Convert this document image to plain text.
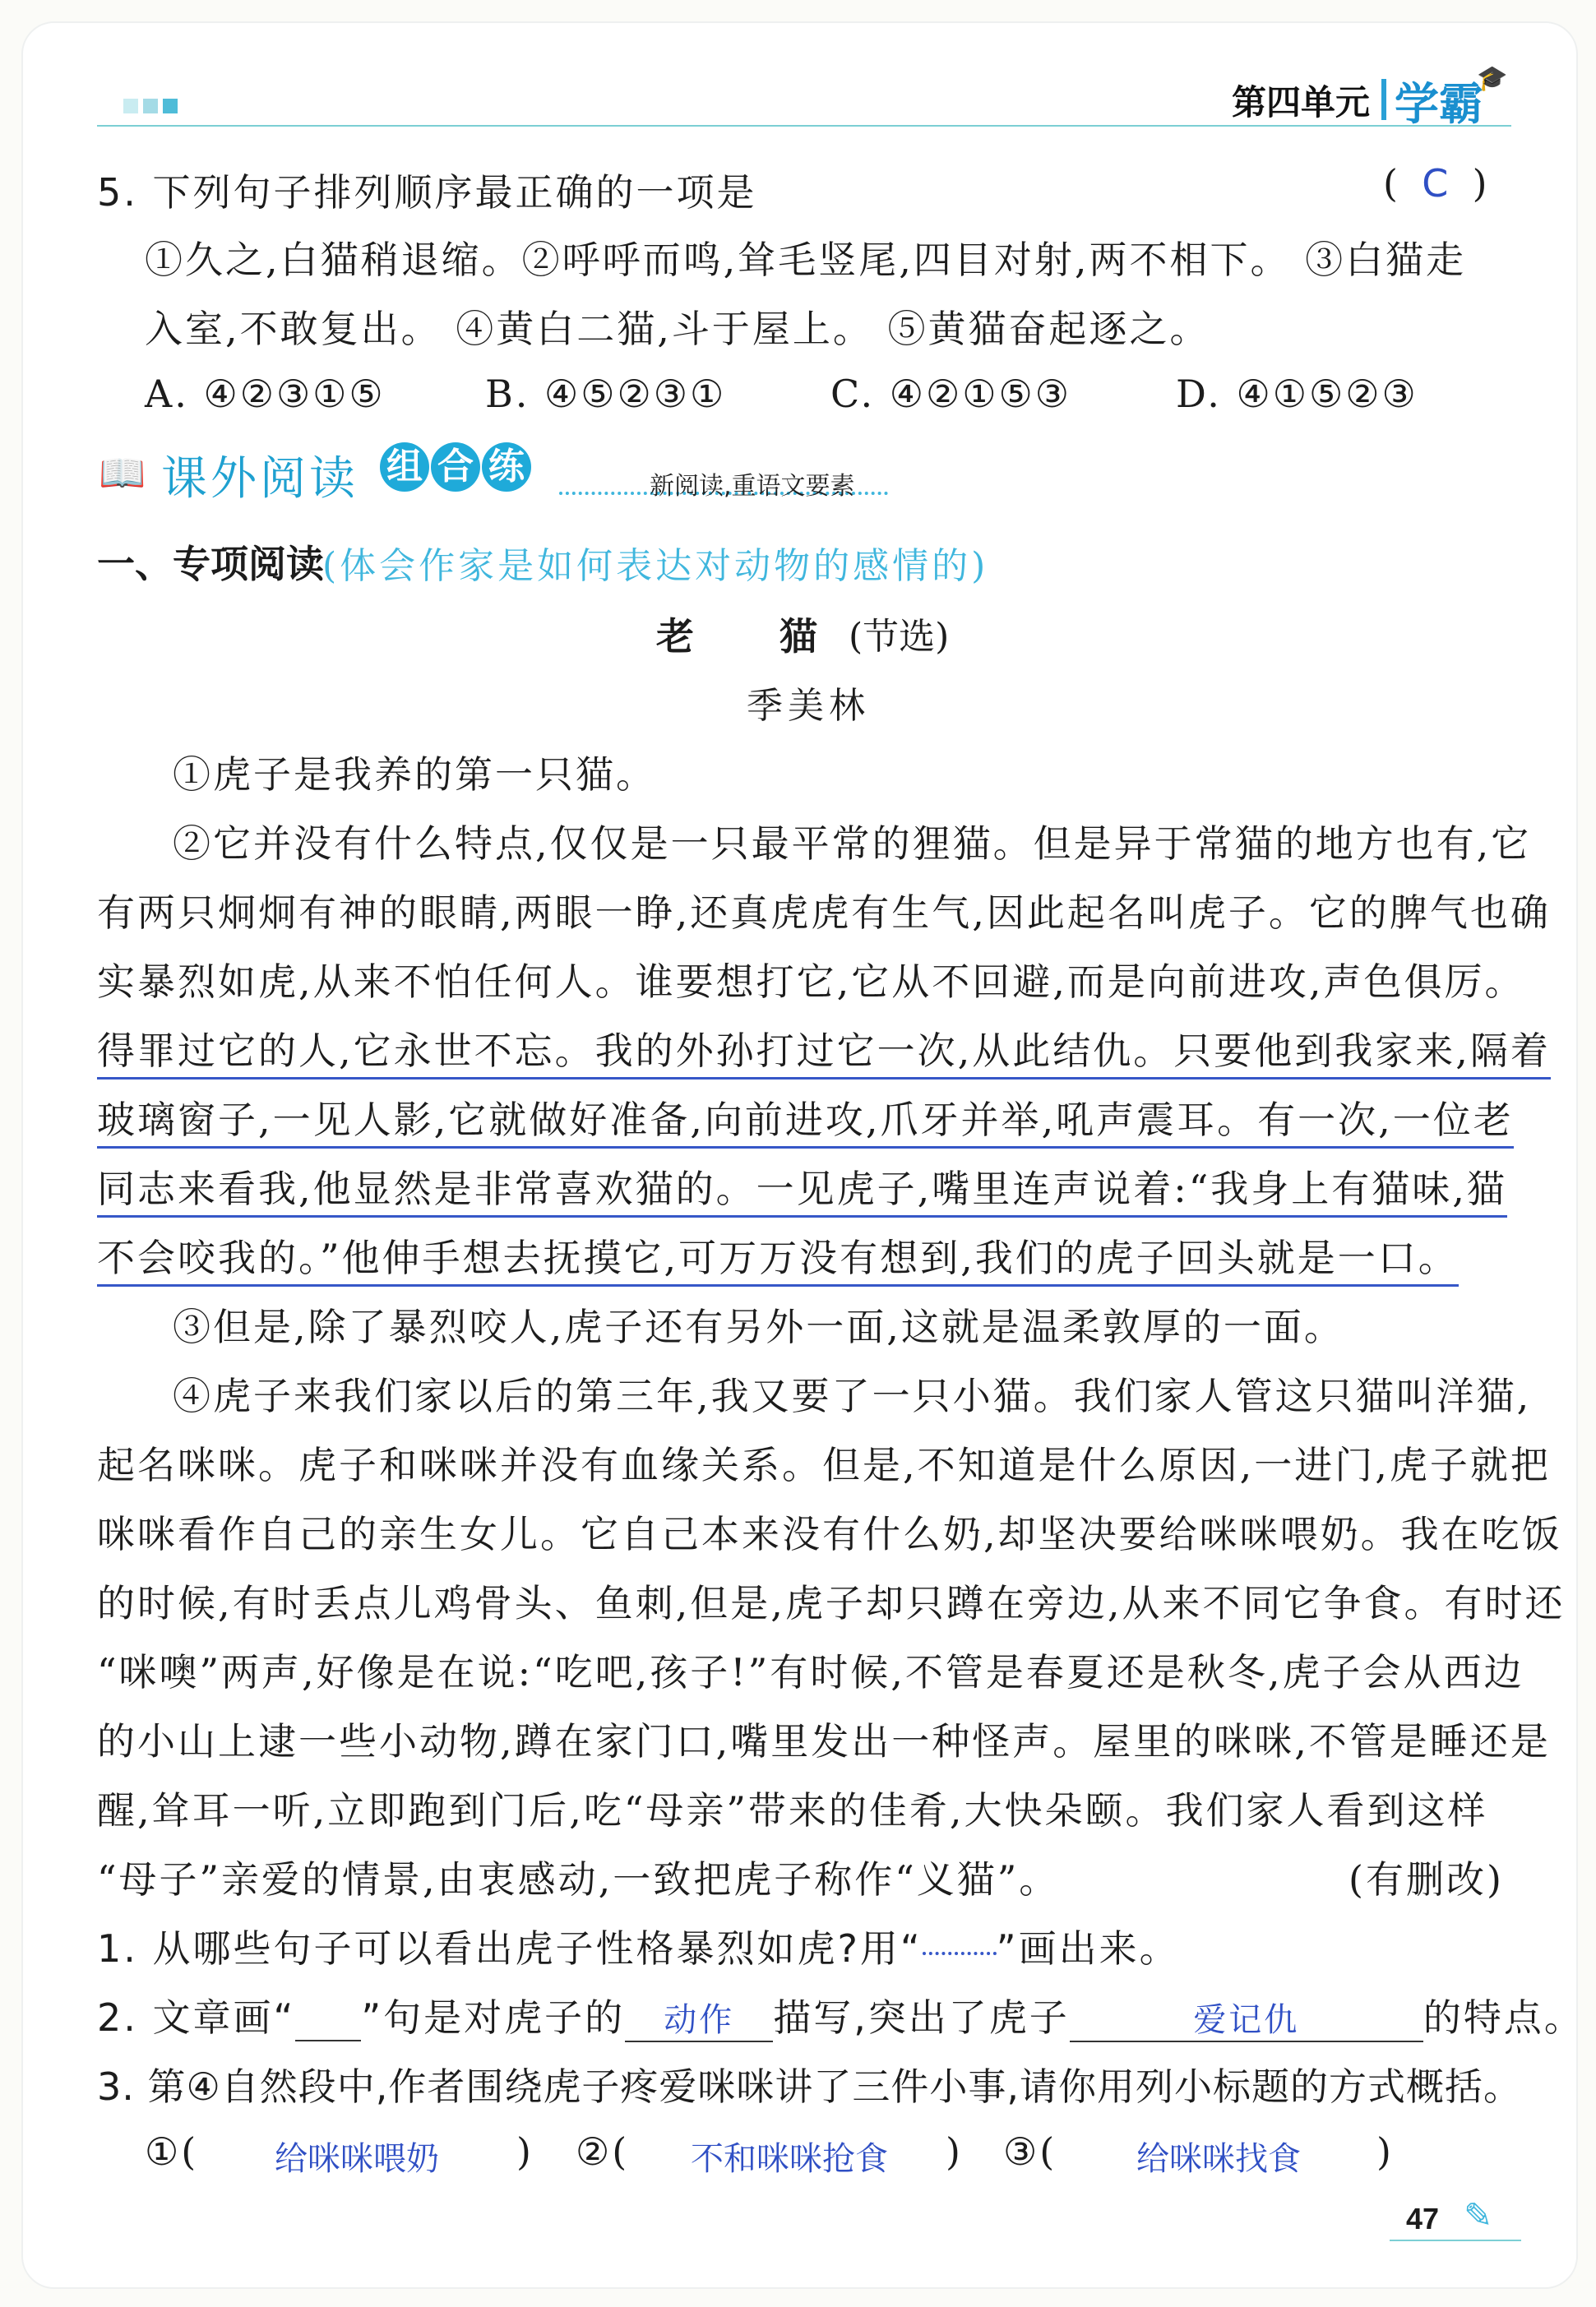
第四单元 学霸
🎓
5. 下列句子排列顺序最正确的一项是	(  C  )
①久之,白猫稍退缩。②呼呼而鸣,耸毛竖尾,四目对射,两不相下。 ③白猫走
入室,不敢复出。 ④黄白二猫,斗于屋上。 ⑤黄猫奋起逐之。
A. ④②③①⑤	B. ④⑤②③①	C. ④②①⑤③	D. ④①⑤②③
📖 课外阅读 组 合 练	新阅读,重语文要素
一、专项阅读
(体会作家是如何表达对动物的感情的)
老 猫 (节选)
季美林
①虎子是我养的第一只猫。
②它并没有什么特点,仅仅是一只最平常的狸猫。但是异于常猫的地方也有,它
有两只炯炯有神的眼睛,两眼一睁,还真虎虎有生气,因此起名叫虎子。它的脾气也确
实暴烈如虎,从来不怕任何人。谁要想打它,它从不回避,而是向前进攻,声色俱厉。
得罪过它的人,它永世不忘。我的外孙打过它一次,从此结仇。只要他到我家来,隔着
玻璃窗子,一见人影,它就做好准备,向前进攻,爪牙并举,吼声震耳。有一次,一位老
同志来看我,他显然是非常喜欢猫的。一见虎子,嘴里连声说着:“我身上有猫味,猫
不会咬我的。”他伸手想去抚摸它,可万万没有想到,我们的虎子回头就是一口。
③但是,除了暴烈咬人,虎子还有另外一面,这就是温柔敦厚的一面。
④虎子来我们家以后的第三年,我又要了一只小猫。我们家人管这只猫叫洋猫,
起名咪咪。虎子和咪咪并没有血缘关系。但是,不知道是什么原因,一进门,虎子就把
咪咪看作自己的亲生女儿。它自己本来没有什么奶,却坚决要给咪咪喂奶。我在吃饭
的时候,有时丢点儿鸡骨头、鱼刺,但是,虎子却只蹲在旁边,从来不同它争食。有时还
“咪噢”两声,好像是在说:“吃吧,孩子!”有时候,不管是春夏还是秋冬,虎子会从西边
的小山上逮一些小动物,蹲在家门口,嘴里发出一种怪声。屋里的咪咪,不管是睡还是
醒,耸耳一听,立即跑到门后,吃“母亲”带来的佳肴,大快朵颐。我们家人看到这样
“母子”亲爱的情景,由衷感动,一致把虎子称作“义猫”。	(有删改)
1. 从哪些句子可以看出虎子性格暴烈如虎?用“ ”画出来。
2. 文章画“ ”句是对虎子的 动作 描写,突出了虎子	爱记仇	的特点。
3. 第④自然段中,作者围绕虎子疼爱咪咪讲了三件小事,请你用列小标题的方式概括。
①( 给咪咪喂奶 ) ②( 不和咪咪抢食 ) ③( 给咪咪找食 )
47 ✎
